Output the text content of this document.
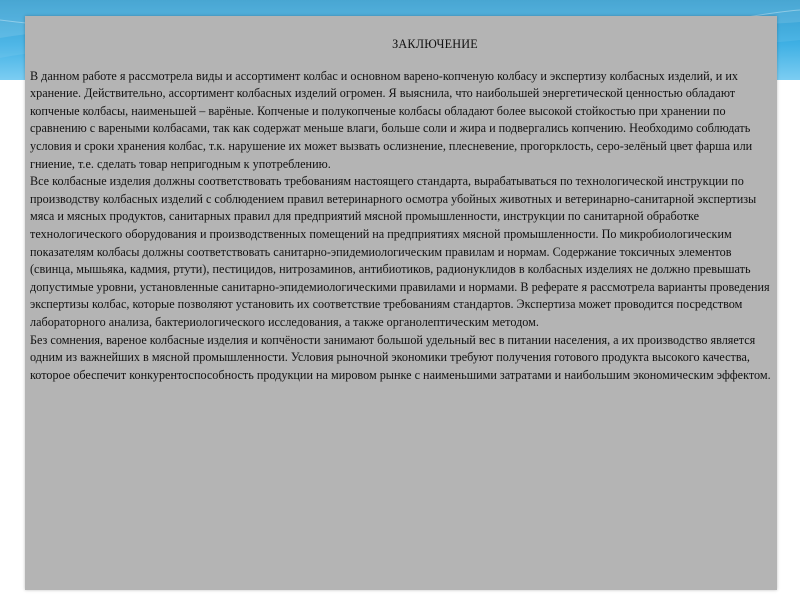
ЗАКЛЮЧЕНИЕ

В данном работе я рассмотрела виды и ассортимент колбас и основном варено-копченую колбасу и экспертизу колбасных изделий, и их хранение. Действительно, ассортимент колбасных изделий огромен. Я выяснила, что наибольшей энергетической ценностью обладают копченые колбасы, наименьшей – варёные. Копченые и полукопченые колбасы обладают более высокой стойкостью при хранении по сравнению с вареными колбасами, так как содержат меньше влаги, больше соли и жира и подвергались копчению. Необходимо соблюдать условия и сроки хранения колбас, т.к. нарушение их может вызвать ослизнение, плесневение, прогорклость, серо-зелёный цвет фарша или гниение, т.е. сделать товар непригодным к употреблению.

Все колбасные изделия должны соответствовать требованиям настоящего стандарта, вырабатываться по технологической инструкции по производству колбасных изделий с соблюдением правил ветеринарного осмотра убойных животных и ветеринарно-санитарной экспертизы мяса и мясных продуктов, санитарных правил для предприятий мясной промышленности, инструкции по санитарной обработке технологического оборудования и производственных помещений на предприятиях мясной промышленности. По микробиологическим показателям колбасы должны соответствовать санитарно-эпидемиологическим правилам и нормам. Содержание токсичных элементов (свинца, мышьяка, кадмия, ртути), пестицидов, нитрозаминов, антибиотиков, радионуклидов в колбасных изделиях не должно превышать допустимые уровни, установленные санитарно-эпидемиологическими правилами и нормами. В реферате я рассмотрела варианты проведения экспертизы колбас, которые позволяют установить их соответствие требованиям стандартов. Экспертиза может проводится посредством лабораторного анализа, бактериологического исследования, а также органолептическим методом.

Без сомнения, вареное колбасные изделия и копчёности занимают большой удельный вес в питании населения, а их производство является одним из важнейших в мясной промышленности. Условия рыночной экономики требуют получения готового продукта высокого качества, которое обеспечит конкурентоспособность продукции на мировом рынке с наименьшими затратами и наибольшим экономическим эффектом.
